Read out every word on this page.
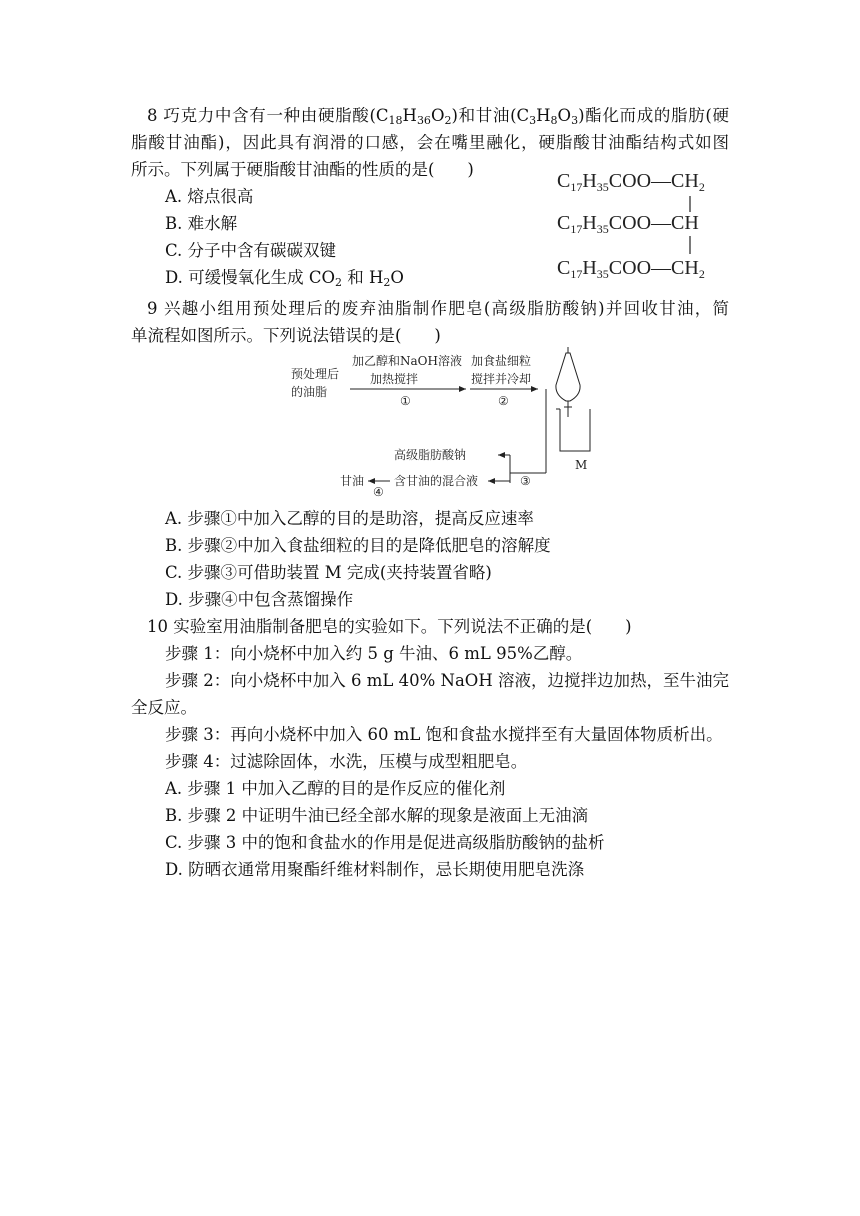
8 巧克力中含有一种由硬脂酸$(C_{18}H_{36}O_2)$和甘油$(C_3H_8O_3)$酯化而成的脂肪(硬
脂酸甘油酯)，因此具有润滑的口感，会在嘴里融化，硬脂酸甘油酯结构式如图
所示。下列属于硬脂酸甘油酯的性质的是(　　)
A. 熔点很高
B. 难水解
C. 分子中含有碳碳双键
D. 可缓慢氧化生成 $CO_2$ 和 $H_2O$
$C_{17}H_{35}COO—CH_2$
$C_{17}H_{35}COO—CH$
$C_{17}H_{35}COO—CH_2$
9 兴趣小组用预处理后的废弃油脂制作肥皂(高级脂肪酸钠)并回收甘油，简
单流程如图所示。下列说法错误的是(　　)
预处理后
的油脂
加乙醇和NaOH溶液
加热搅拌
①
加食盐细粒
搅拌并冷却
②
③
高级脂肪酸钠
含甘油的混合液
④
甘油
M
A. 步骤①中加入乙醇的目的是助溶，提高反应速率
B. 步骤②中加入食盐细粒的目的是降低肥皂的溶解度
C. 步骤③可借助装置 M 完成(夹持装置省略)
D. 步骤④中包含蒸馏操作
10 实验室用油脂制备肥皂的实验如下。下列说法不正确的是(　　)
步骤 1：向小烧杯中加入约 5 g 牛油、6 mL 95%乙醇。
步骤 2：向小烧杯中加入 6 mL 40% NaOH 溶液，边搅拌边加热，至牛油完
全反应。
步骤 3：再向小烧杯中加入 60 mL 饱和食盐水搅拌至有大量固体物质析出。
步骤 4：过滤除固体，水洗，压模与成型粗肥皂。
A. 步骤 1 中加入乙醇的目的是作反应的催化剂
B. 步骤 2 中证明牛油已经全部水解的现象是液面上无油滴
C. 步骤 3 中的饱和食盐水的作用是促进高级脂肪酸钠的盐析
D. 防晒衣通常用聚酯纤维材料制作，忌长期使用肥皂洗涤
